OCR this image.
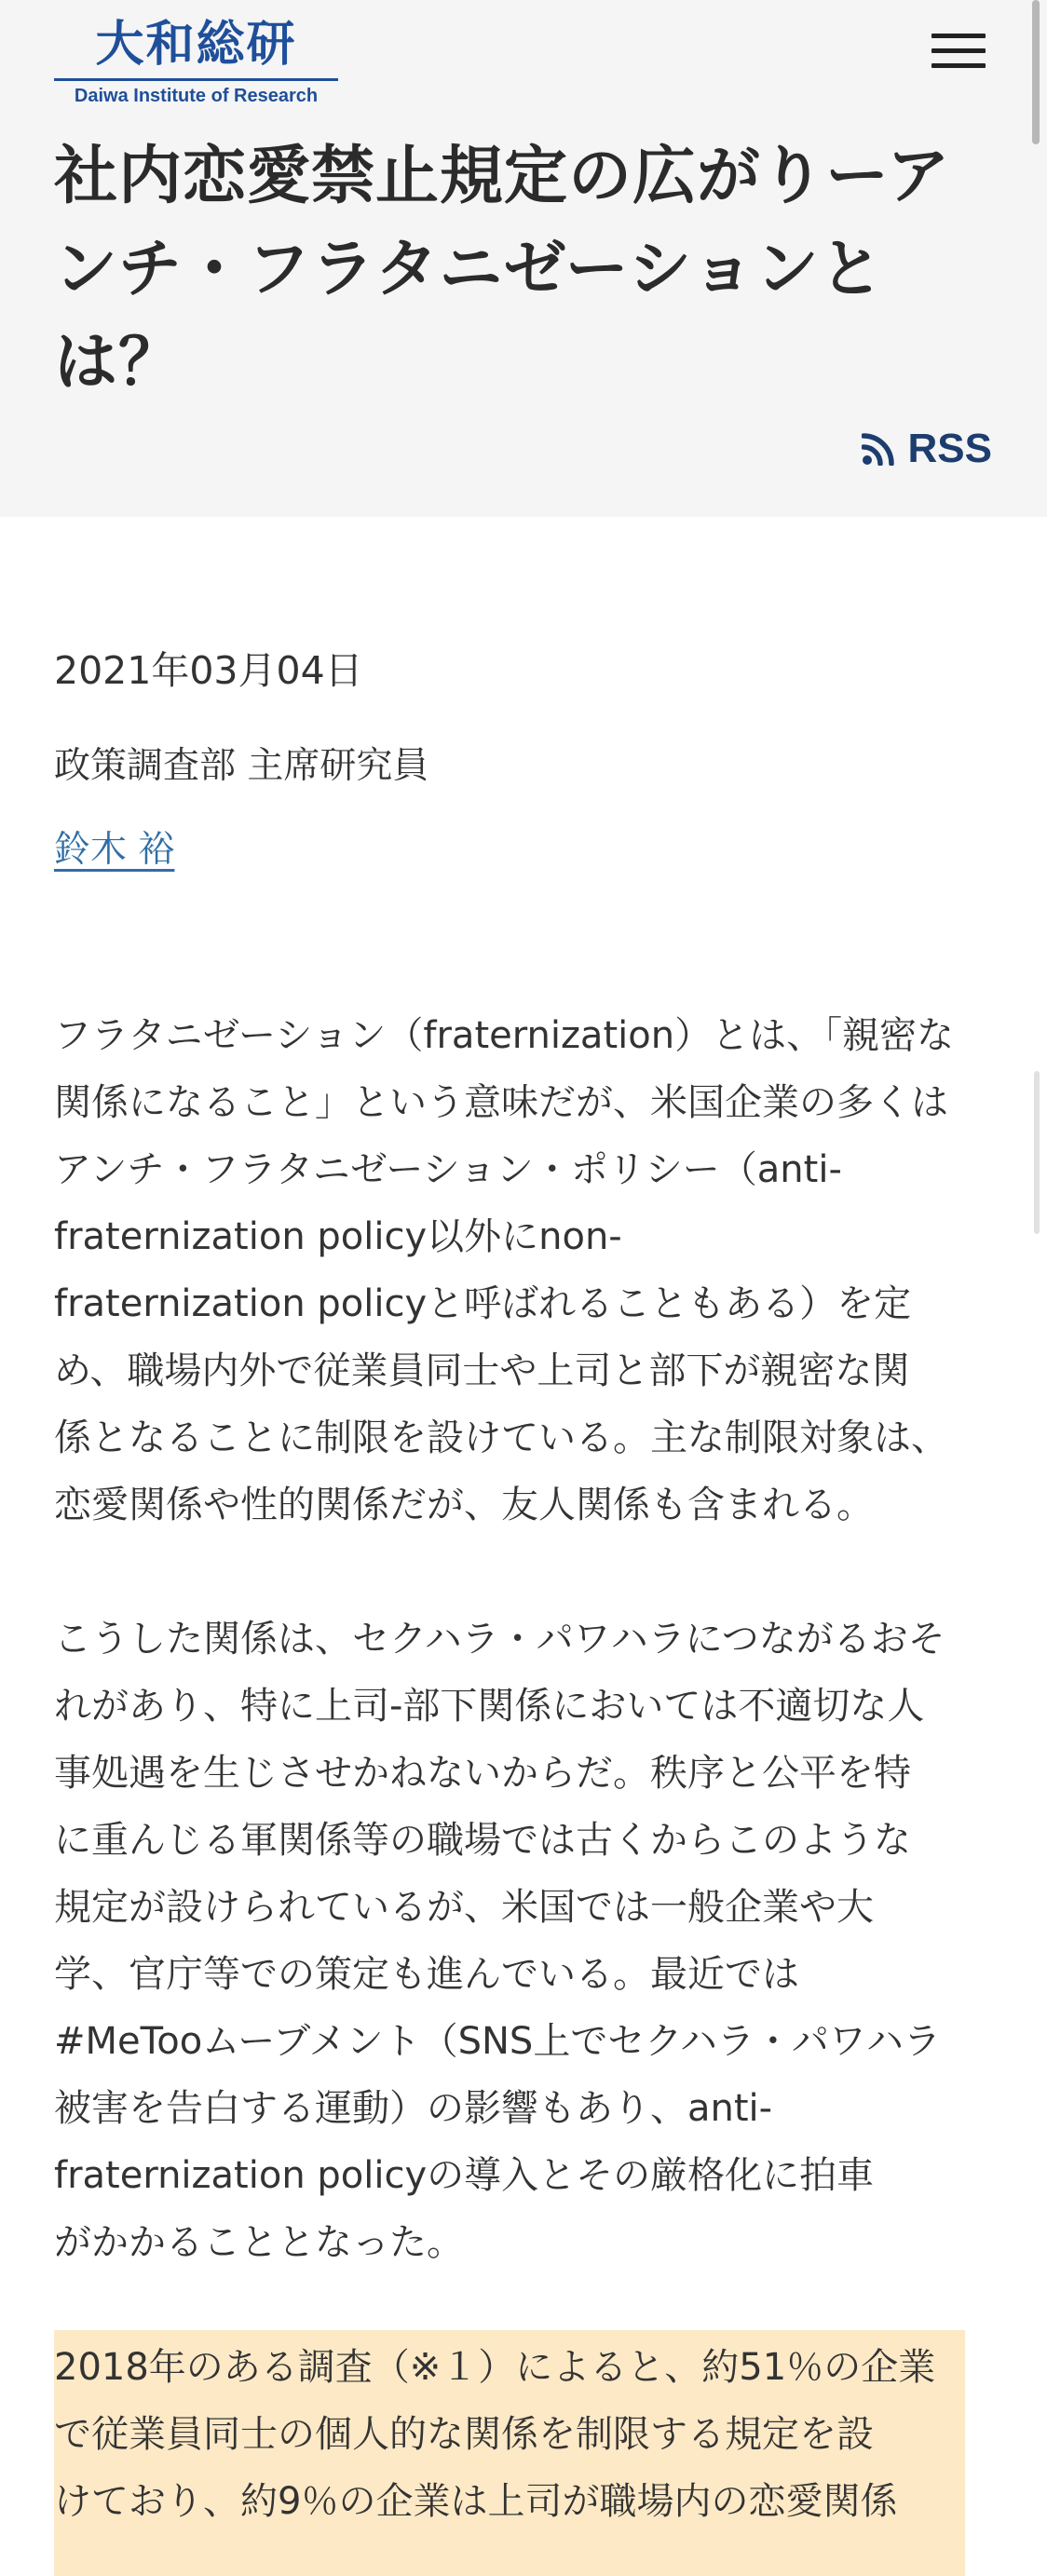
大和総研
Daiwa Institute of Research
社内恋愛禁止規定の広がりーアンチ・フラタニゼーションとは？
RSS
2021年03月04日
政策調査部 主席研究員
鈴木 裕

フラタニゼーション（fraternization）とは、「親密な
関係になること」という意味だが、米国企業の多くは
アンチ・フラタニゼーション・ポリシー（anti-
fraternization policy以外にnon-
fraternization policyと呼ばれることもある）を定
め、職場内外で従業員同士や上司と部下が親密な関
係となることに制限を設けている。主な制限対象は、
恋愛関係や性的関係だが、友人関係も含まれる。

こうした関係は、セクハラ・パワハラにつながるおそ
れがあり、特に上司-部下関係においては不適切な人
事処遇を生じさせかねないからだ。秩序と公平を特
に重んじる軍関係等の職場では古くからこのような
規定が設けられているが、米国では一般企業や大
学、官庁等での策定も進んでいる。最近では
#MeTooムーブメント（SNS上でセクハラ・パワハラ
被害を告白する運動）の影響もあり、anti-
fraternization policyの導入とその厳格化に拍車
がかかることとなった。

2018年のある調査（※１）によると、約51％の企業
で従業員同士の個人的な関係を制限する規定を設
けており、約9％の企業は上司が職場内の恋愛関係
